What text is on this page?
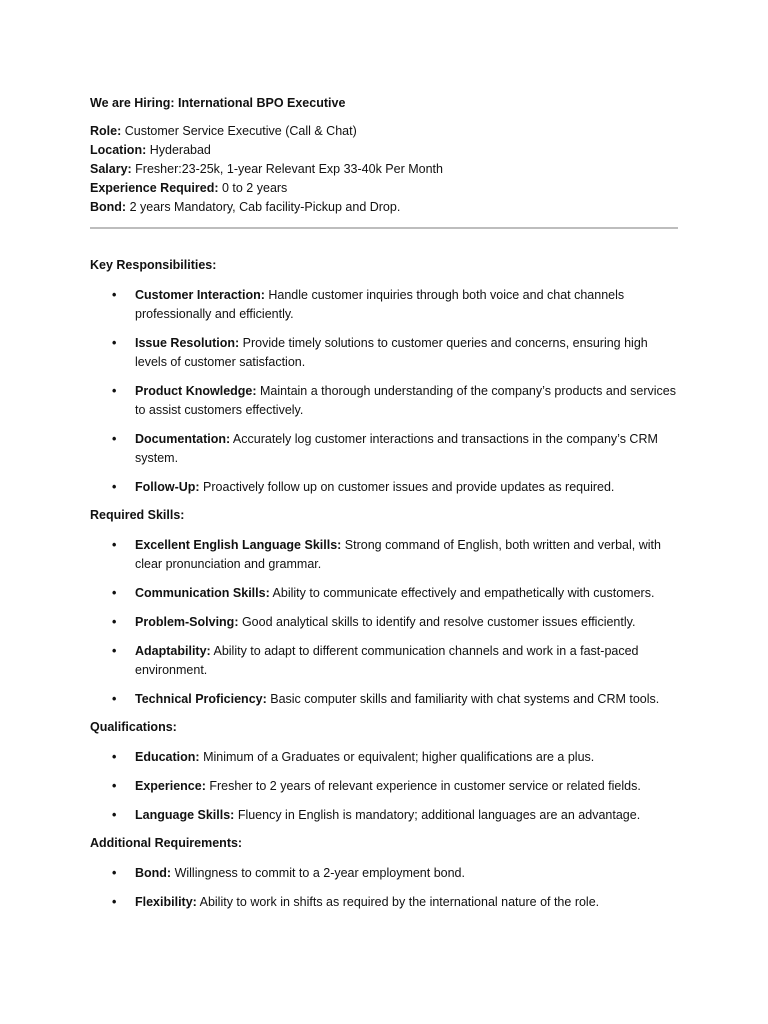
We are Hiring: International BPO Executive
Role: Customer Service Executive (Call & Chat)
Location: Hyderabad
Salary: Fresher:23-25k, 1-year Relevant Exp 33-40k Per Month
Experience Required: 0 to 2 years
Bond: 2 years Mandatory, Cab facility-Pickup and Drop.
Key Responsibilities:
• Customer Interaction: Handle customer inquiries through both voice and chat channels professionally and efficiently.
• Issue Resolution: Provide timely solutions to customer queries and concerns, ensuring high levels of customer satisfaction.
• Product Knowledge: Maintain a thorough understanding of the company’s products and services to assist customers effectively.
• Documentation: Accurately log customer interactions and transactions in the company’s CRM system.
• Follow-Up: Proactively follow up on customer issues and provide updates as required.
Required Skills:
• Excellent English Language Skills: Strong command of English, both written and verbal, with clear pronunciation and grammar.
• Communication Skills: Ability to communicate effectively and empathetically with customers.
• Problem-Solving: Good analytical skills to identify and resolve customer issues efficiently.
• Adaptability: Ability to adapt to different communication channels and work in a fast-paced environment.
• Technical Proficiency: Basic computer skills and familiarity with chat systems and CRM tools.
Qualifications:
• Education: Minimum of a Graduates or equivalent; higher qualifications are a plus.
• Experience: Fresher to 2 years of relevant experience in customer service or related fields.
• Language Skills: Fluency in English is mandatory; additional languages are an advantage.
Additional Requirements:
• Bond: Willingness to commit to a 2-year employment bond.
• Flexibility: Ability to work in shifts as required by the international nature of the role.
